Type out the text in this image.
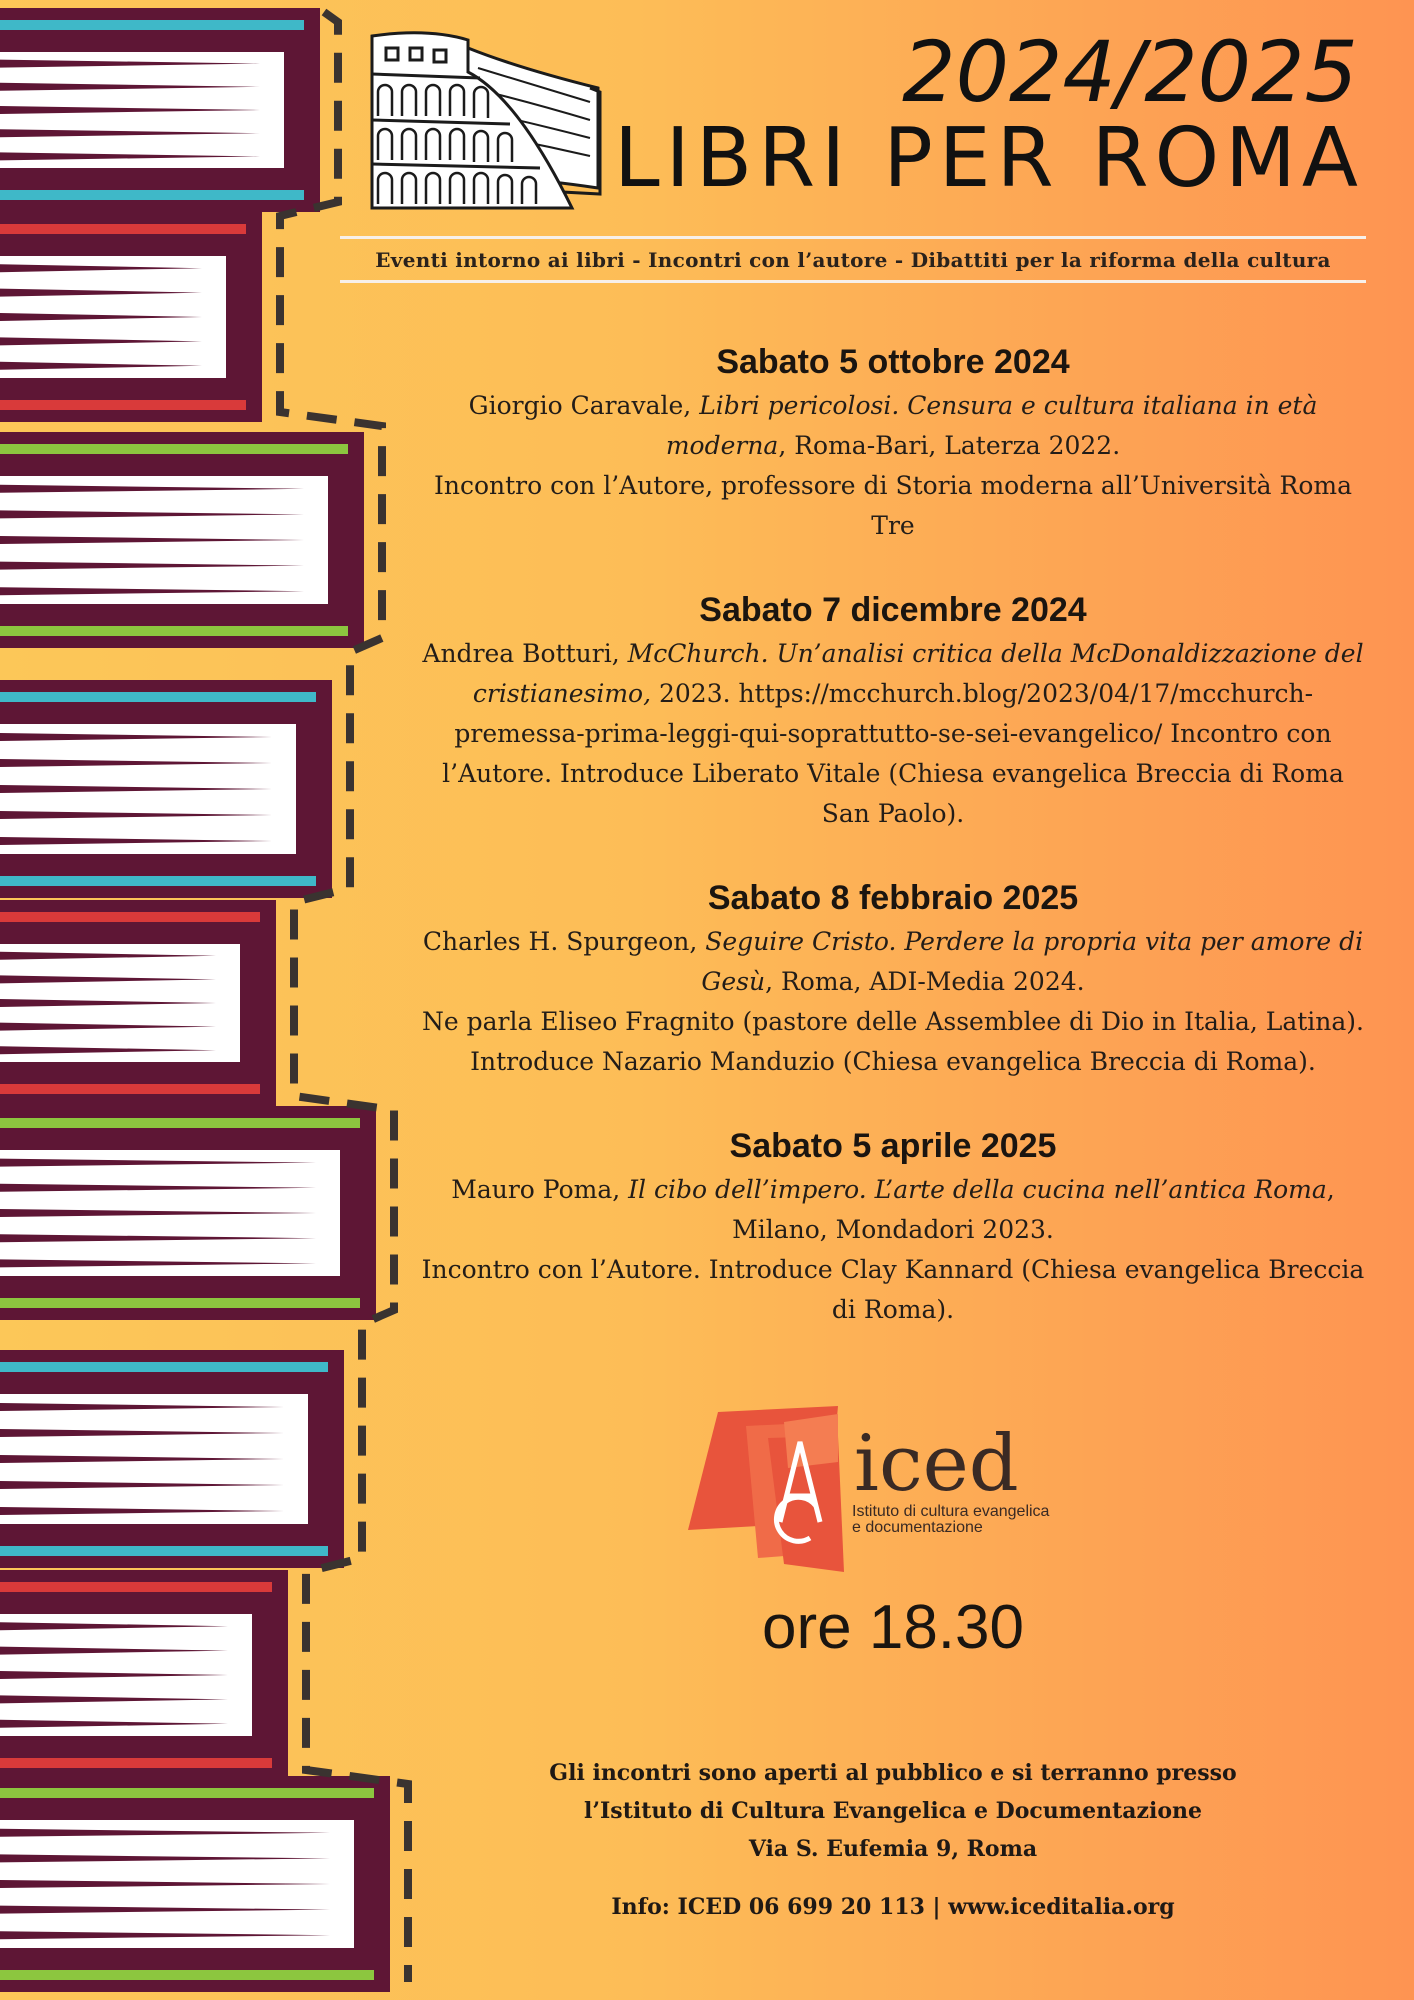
2024/2025
LIBRI PER ROMA
Eventi intorno ai libri - Incontri con l’autore - Dibattiti per la riforma della cultura
Sabato 5 ottobre 2024
Giorgio Caravale, Libri pericolosi. Censura e cultura italiana in età moderna, Roma-Bari, Laterza 2022.
Incontro con l’Autore, professore di Storia moderna all’Università Roma Tre
Sabato 7 dicembre 2024
Andrea Botturi, McChurch. Un’analisi critica della McDonaldizzazione del cristianesimo, 2023. https://mcchurch.blog/2023/04/17/mcchurch-premessa-prima-leggi-qui-soprattutto-se-sei-evangelico/ Incontro con l’Autore. Introduce Liberato Vitale (Chiesa evangelica Breccia di Roma San Paolo).
Sabato 8 febbraio 2025
Charles H. Spurgeon, Seguire Cristo. Perdere la propria vita per amore di Gesù, Roma, ADI-Media 2024.
Ne parla Eliseo Fragnito (pastore delle Assemblee di Dio in Italia, Latina). Introduce Nazario Manduzio (Chiesa evangelica Breccia di Roma).
Sabato 5 aprile 2025
Mauro Poma, Il cibo dell’impero. L’arte della cucina nell’antica Roma, Milano, Mondadori 2023.
Incontro con l’Autore. Introduce Clay Kannard (Chiesa evangelica Breccia di Roma).
iced
Istituto di cultura evangelica
e documentazione
ore 18.30
Gli incontri sono aperti al pubblico e si terranno presso
l’Istituto di Cultura Evangelica e Documentazione
Via S. Eufemia 9, Roma
Info: ICED 06 699 20 113 | www.iceditalia.org
